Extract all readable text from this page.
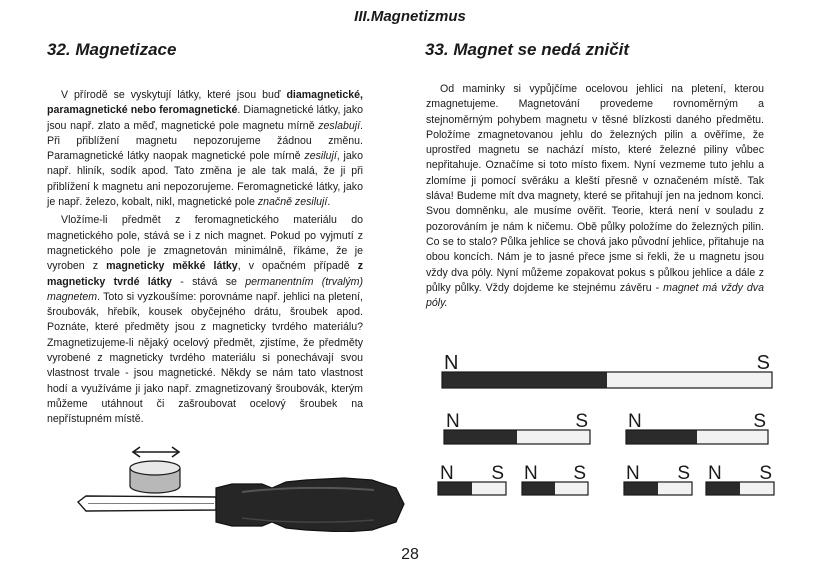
III.Magnetizmus
32. Magnetizace	33. Magnet se nedá zničit

V přírodě se vyskytují látky, které jsou buď diamagnetické, paramagnetické nebo feromagnetické. Diamagnetické látky, jako jsou např. zlato a měď, magnetické pole magnetu mírně zeslabují. Při přiblížení magnetu nepozorujeme žádnou změnu. Paramagnetické látky naopak magnetické pole mírně zesilují, jako např. hliník, sodík apod. Tato změna je ale tak malá, že ji při přiblížení k magnetu ani nepozorujeme. Feromagnetické látky, jako je např. železo, kobalt, nikl, magnetické pole značně zesilují.

Vložíme-li předmět z feromagnetického materiálu do magnetického pole, stává se i z nich magnet. Pokud po vyjmutí z magnetického pole je zmagnetován minimálně, říkáme, že je vyroben z magneticky měkké látky, v opačném případě z magneticky tvrdé látky - stává se permanentním (trvalým) magnetem. Toto si vyzkoušíme: porovnáme např. jehlici na pletení, šroubovák, hřebík, kousek obyčejného drátu, šroubek apod. Poznáte, které předměty jsou z magneticky tvrdého materiálu? Zmagnetizujeme-li nějaký ocelový předmět, zjistíme, že předměty vyrobené z magneticky tvrdého materiálu si ponechávají svou vlastnost trvale - jsou magnetické. Někdy se nám tato vlastnost hodí a využíváme ji jako např. zmagnetizovaný šroubovák, kterým můžeme utáhnout či zašroubovat ocelový šroubek na nepřístupném místě.

Od maminky si vypůjčíme ocelovou jehlici na pletení, kterou zmagnetujeme. Magnetování provedeme rovnoměrným a stejnoměrným pohybem magnetu v těsné blízkosti daného předmětu. Položíme zmagnetovanou jehlu do železných pilin a ověříme, že uprostřed magnetu se nachází místo, které železné piliny vůbec nepřitahuje. Označíme si toto místo fixem. Nyní vezmeme tuto jehlu a zlomíme ji pomocí svěráku a kleští přesně v označeném místě. Tak sláva! Budeme mít dva magnety, které se přitahují jen na jednom konci. Svou domněnku, ale musíme ověřit. Teorie, která není v souladu z pozorováním je nám k ničemu. Obě půlky položíme do železných pilin. Co se to stalo? Půlka jehlice se chová jako původní jehlice, přitahuje na obou koncích. Nám je to jasné přece jsme si řekli, že u magnetu jsou vždy dva póly. Nyní můžeme zopakovat pokus s půlkou jehlice a dále z půlky půlky. Vždy dojdeme ke stejnému závěru - magnet má vždy dva póly.

N	S
N	S N	S
N S N S N S N S
28
